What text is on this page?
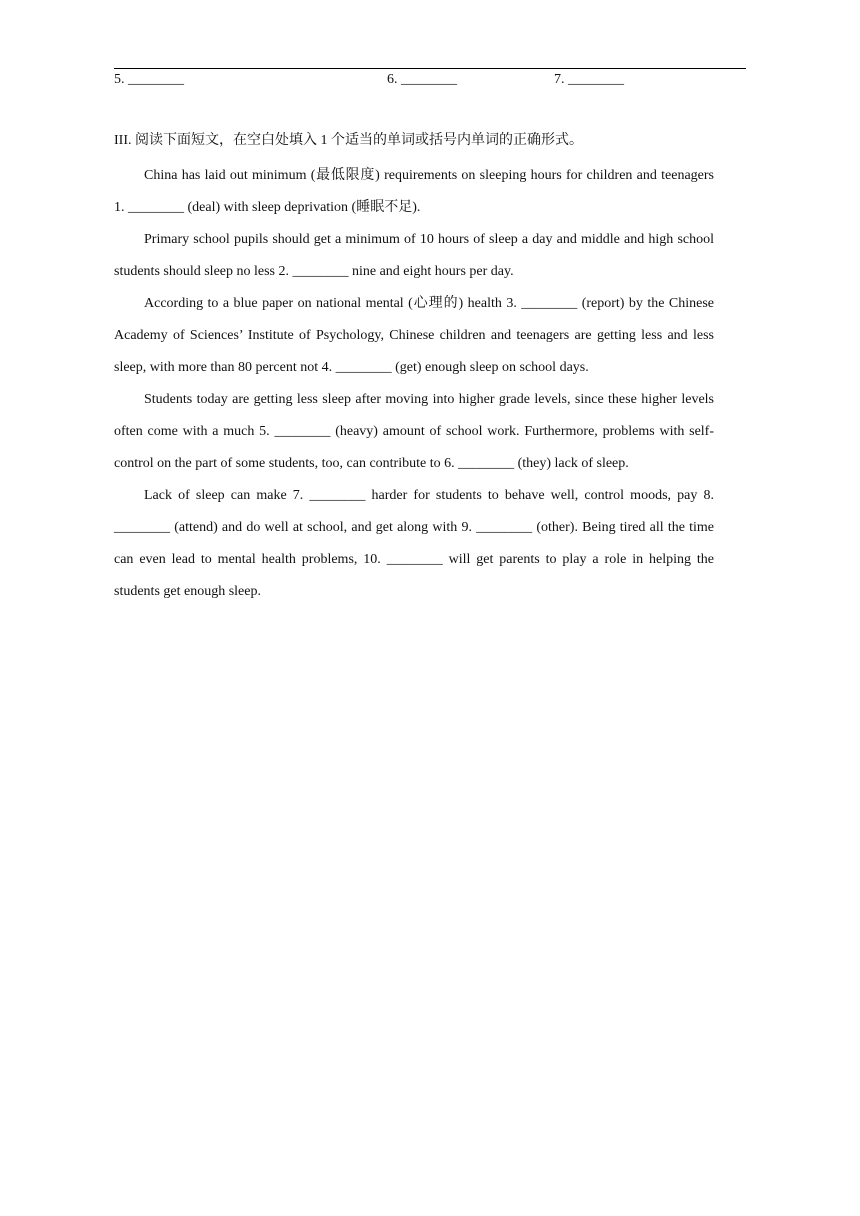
5. ________	6. ________	7. ________
III. 阅读下面短文，在空白处填入 1 个适当的单词或括号内单词的正确形式。

China has laid out minimum (最低限度) requirements on sleeping hours for children and teenagers 1. ________ (deal) with sleep deprivation (睡眠不足).

Primary school pupils should get a minimum of 10 hours of sleep a day and middle and high school students should sleep no less 2. ________ nine and eight hours per day.

According to a blue paper on national mental (心理的) health 3. ________ (report) by the Chinese Academy of Sciences’ Institute of Psychology, Chinese children and teenagers are getting less and less sleep, with more than 80 percent not 4. ________ (get) enough sleep on school days.

Students today are getting less sleep after moving into higher grade levels, since these higher levels often come with a much 5. ________ (heavy) amount of school work. Furthermore, problems with self-control on the part of some students, too, can contribute to 6. ________ (they) lack of sleep.

Lack of sleep can make 7. ________ harder for students to behave well, control moods, pay 8. ________ (attend) and do well at school, and get along with 9. ________ (other). Being tired all the time can even lead to mental health problems, 10. ________ will get parents to play a role in helping the students get enough sleep.
